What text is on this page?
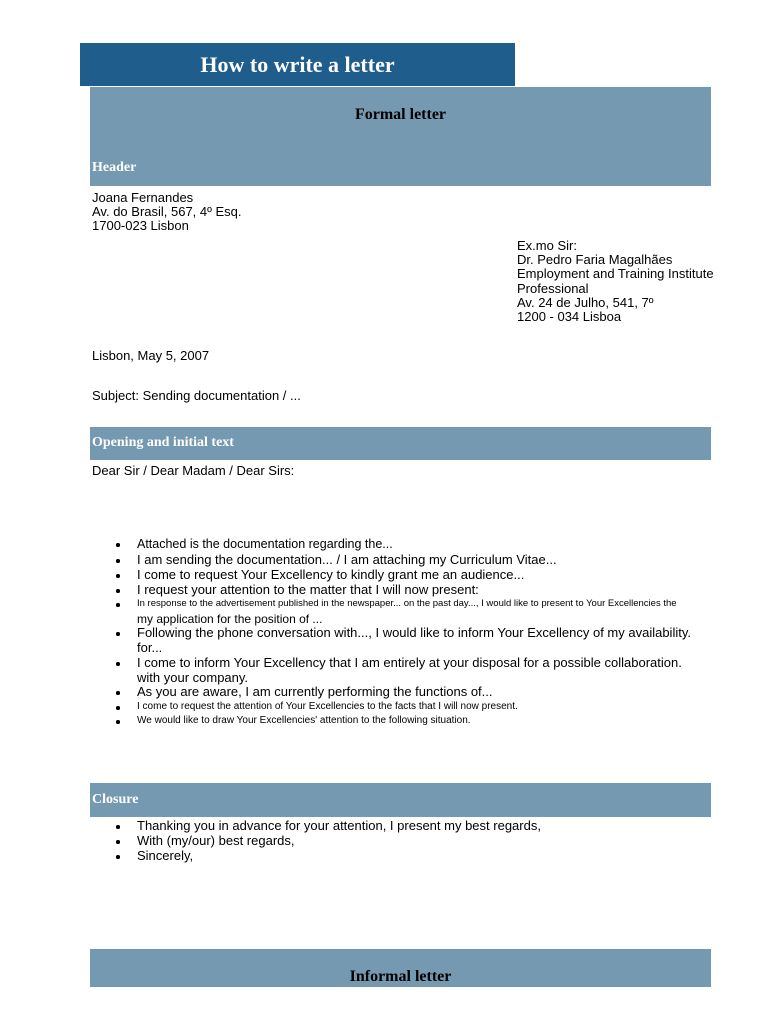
How to write a letter
Formal letter
Header
Joana Fernandes
Av. do Brasil, 567, 4º Esq.
1700-023 Lisbon
Ex.mo Sir:
Dr. Pedro Faria Magalhães
Employment and Training Institute
Professional
Av. 24 de Julho, 541, 7º
1200 - 034 Lisboa
Lisbon, May 5, 2007
Subject: Sending documentation / ...
Opening and initial text
Dear Sir / Dear Madam / Dear Sirs:
Attached is the documentation regarding the...
I am sending the documentation... / I am attaching my Curriculum Vitae...
I come to request Your Excellency to kindly grant me an audience...
I request your attention to the matter that I will now present:
In response to the advertisement published in the newspaper... on the past day..., I would like to present to Your Excellencies the
my application for the position of ...
Following the phone conversation with..., I would like to inform Your Excellency of my availability.
for...
I come to inform Your Excellency that I am entirely at your disposal for a possible collaboration.
with your company.
As you are aware, I am currently performing the functions of...
I come to request the attention of Your Excellencies to the facts that I will now present.
We would like to draw Your Excellencies' attention to the following situation.
Closure
Thanking you in advance for your attention, I present my best regards,
With (my/our) best regards,
Sincerely,
Informal letter
